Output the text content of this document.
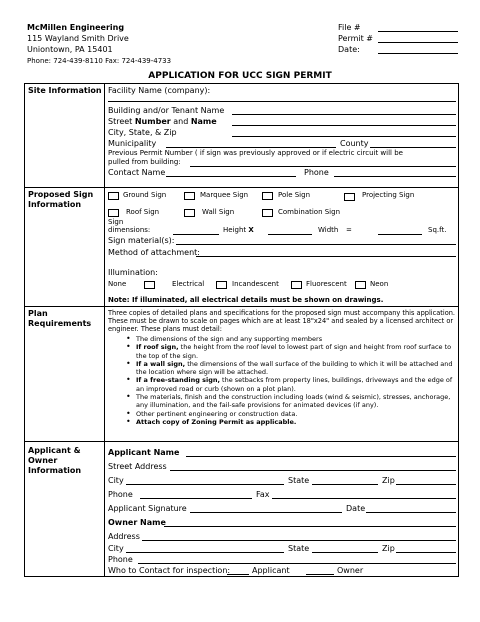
McMillen Engineering
115 Wayland Smith Drive
Uniontown, PA 15401
Phone: 724-439-8110 Fax: 724-439-4733
File #
Permit #
Date:
APPLICATION FOR UCC SIGN PERMIT
Site Information Facility Name (company):
Building and/or Tenant Name
Street Number and Name
City, State, & Zip
Municipality	County
Previous Permit Number ( if sign was previously approved or if electric circuit will be
pulled from building:
Contact Name	Phone
Proposed Sign Information
Ground Sign	Marquee Sign	Pole Sign	Projecting Sign
Roof Sign	Wall Sign	Combination Sign
Sign
dimensions:	Height X	Width =	Sq.ft.
Sign material(s):
Method of attachment:
Illumination:
None	Electrical	Incandescent	Fluorescent	Neon
Note: If illuminated, all electrical details must be shown on drawings.
Plan Requirements
Three copies of detailed plans and specifications for the proposed sign must accompany this application. These must be drawn to scale on pages which are at least 18"x24" and sealed by a licensed architect or engineer. These plans must detail:
• The dimensions of the sign and any supporting members
• If roof sign, the height from the roof level to lowest part of sign and height from roof surface to the top of the sign.
• If a wall sign, the dimensions of the wall surface of the building to which it will be attached and the location where sign will be attached.
• If a free-standing sign, the setbacks from property lines, buildings, driveways and the edge of an improved road or curb (shown on a plot plan).
• The materials, finish and the construction including loads (wind & seismic), stresses, anchorage, any illumination, and the fail-safe provisions for animated devices (if any).
• Other pertinent engineering or construction data.
• Attach copy of Zoning Permit as applicable.
Applicant & Owner Information
Applicant Name
Street Address
City	State	Zip
Phone	Fax
Applicant Signature	Date
Owner Name
Address
City	State	Zip
Phone
Who to Contact for inspection:	Applicant	Owner
